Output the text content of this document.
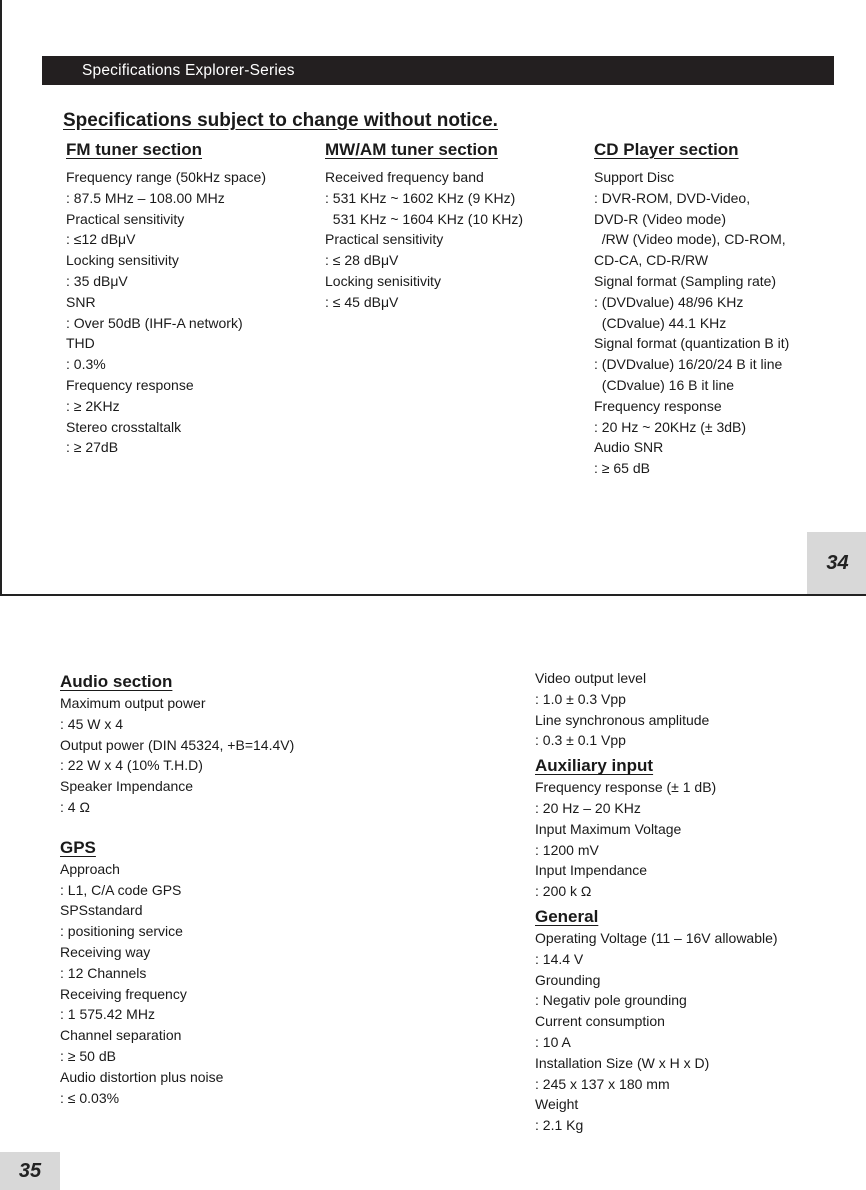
Specifications Explorer-Series
Specifications subject to change without notice.
FM tuner section
Frequency range (50kHz space)
: 87.5 MHz – 108.00 MHz
Practical sensitivity
: ≤12 dBμV
Locking sensitivity
: 35 dBμV
SNR
: Over 50dB (IHF-A network)
THD
: 0.3%
Frequency response
: ≥ 2KHz
Stereo crosstaltalk
: ≥ 27dB
MW/AM tuner section
Received frequency band
: 531 KHz ~ 1602 KHz (9 KHz)
531 KHz ~ 1604 KHz (10 KHz)
Practical sensitivity
: ≤ 28 dBμV
Locking senisitivity
: ≤ 45 dBμV
CD Player section
Support Disc
: DVR-ROM, DVD-Video,
DVD-R (Video mode)
/RW (Video mode), CD-ROM,
CD-CA, CD-R/RW
Signal format (Sampling rate)
: (DVDvalue) 48/96 KHz
(CDvalue) 44.1 KHz
Signal format (quantization B it)
: (DVDvalue) 16/20/24 B it line
(CDvalue) 16 B it line
Frequency response
: 20 Hz ~ 20KHz (± 3dB)
Audio SNR
: ≥ 65 dB
34
Audio section
Maximum output power
: 45 W x 4
Output power (DIN 45324, +B=14.4V)
: 22 W x 4 (10% T.H.D)
Speaker Impendance
: 4 Ω
GPS
Approach
: L1, C/A code GPS
SPSstandard
: positioning service
Receiving way
: 12 Channels
Receiving frequency
: 1 575.42 MHz
Channel separation
: ≥ 50 dB
Audio distortion plus noise
: ≤ 0.03%
Video output level
: 1.0 ± 0.3 Vpp
Line synchronous amplitude
: 0.3 ± 0.1 Vpp
Auxiliary input
Frequency response (± 1 dB)
: 20 Hz – 20 KHz
Input Maximum Voltage
: 1200 mV
Input Impendance
: 200 k Ω
General
Operating Voltage (11 – 16V allowable)
: 14.4 V
Grounding
: Negativ pole grounding
Current consumption
: 10 A
Installation Size (W x H x D)
: 245 x 137 x 180 mm
Weight
: 2.1 Kg
35
